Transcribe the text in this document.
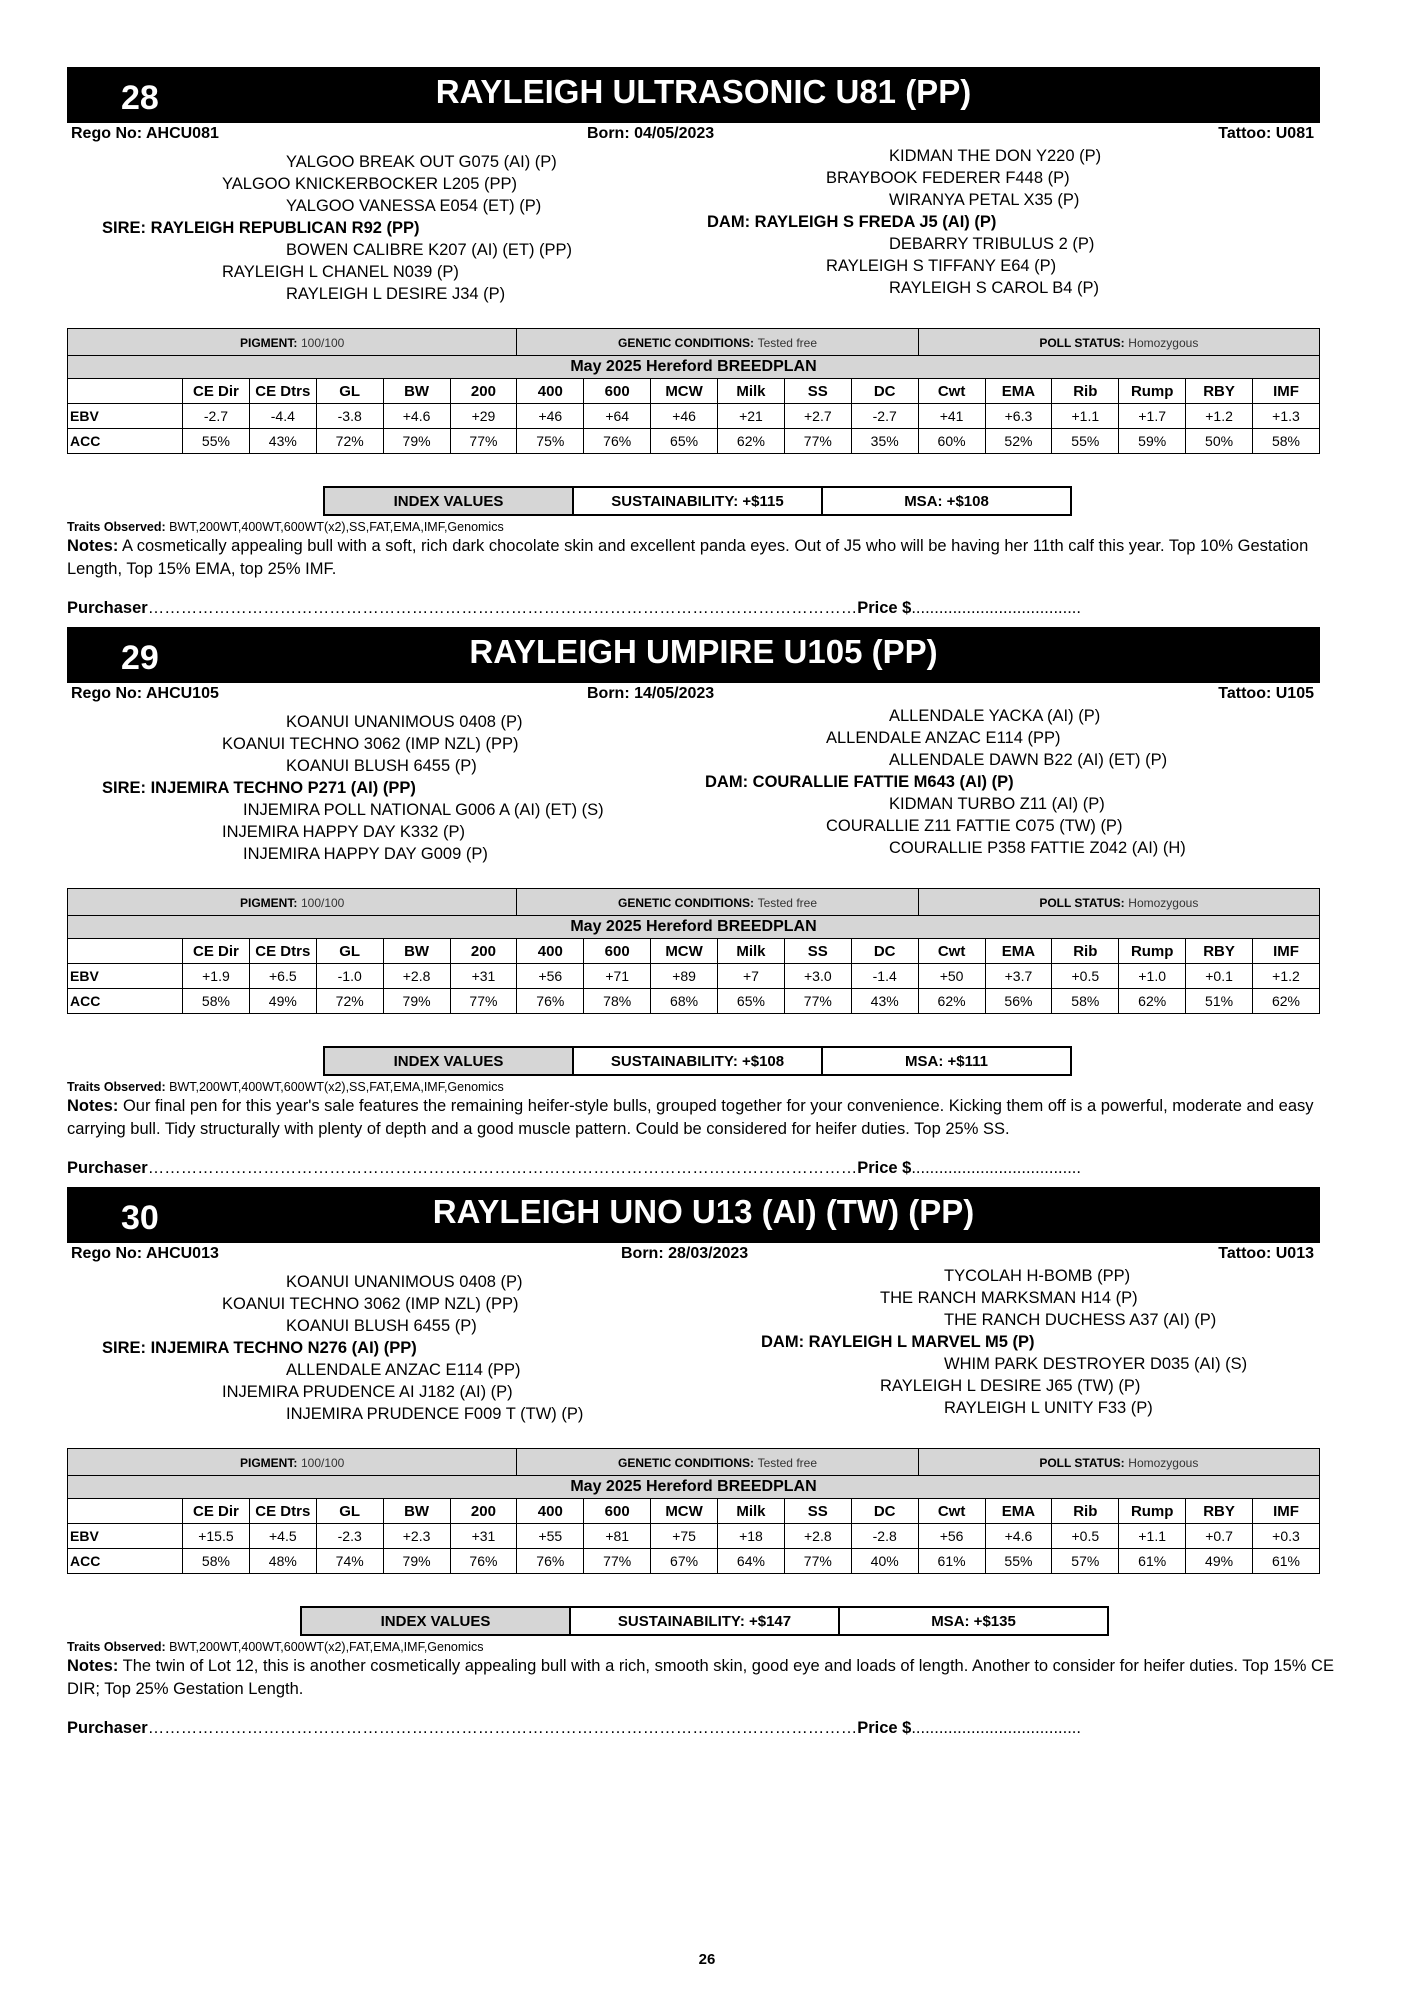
28	RAYLEIGH ULTRASONIC U81 (PP)
Rego No: AHCU081	Born: 04/05/2023	Tattoo: U081
YALGOO BREAK OUT G075 (AI) (P)
YALGOO KNICKERBOCKER L205 (PP)
YALGOO VANESSA E054 (ET) (P)
SIRE: RAYLEIGH REPUBLICAN R92 (PP)
BOWEN CALIBRE K207 (AI) (ET) (PP)
RAYLEIGH L CHANEL N039 (P)
RAYLEIGH L DESIRE J34 (P)
KIDMAN THE DON Y220 (P)
BRAYBOOK FEDERER F448 (P)
WIRANYA PETAL X35 (P)
DAM: RAYLEIGH S FREDA J5 (AI) (P)
DEBARRY TRIBULUS 2 (P)
RAYLEIGH S TIFFANY E64 (P)
RAYLEIGH S CAROL B4 (P)
PIGMENT: 100/100						GENETIC CONDITIONS: Tested free						POLL STATUS: Homozygous					
May 2025 Hereford BREEDPLAN																	
	CE Dir	CE Dtrs	GL	BW	200	400	600	MCW	Milk	SS	DC	Cwt	EMA	Rib	Rump	RBY	IMF
EBV	-2.7	-4.4	-3.8	+4.6	+29	+46	+64	+46	+21	+2.7	-2.7	+41	+6.3	+1.1	+1.7	+1.2	+1.3
ACC	55%	43%	72%	79%	77%	75%	76%	65%	62%	77%	35%	60%	52%	55%	59%	50%	58%
INDEX VALUES	SUSTAINABILITY: +$115	MSA: +$108
Traits Observed: BWT,200WT,400WT,600WT(x2),SS,FAT,EMA,IMF,Genomics
Notes: A cosmetically appealing bull with a soft, rich dark chocolate skin and excellent panda eyes. Out of J5 who will be having her 11th calf this year. Top 10% Gestation Length, Top 15% EMA, top 25% IMF.
Purchaser…………………………………………………………………………………………………………………Price $.....................................
29	RAYLEIGH UMPIRE U105 (PP)
Rego No: AHCU105	Born: 14/05/2023	Tattoo: U105
KOANUI UNANIMOUS 0408 (P)
KOANUI TECHNO 3062 (IMP NZL) (PP)
KOANUI BLUSH 6455 (P)
SIRE: INJEMIRA TECHNO P271 (AI) (PP)
INJEMIRA POLL NATIONAL G006 A (AI) (ET) (S)
INJEMIRA HAPPY DAY K332 (P)
INJEMIRA HAPPY DAY G009 (P)
ALLENDALE YACKA (AI) (P)
ALLENDALE ANZAC E114 (PP)
ALLENDALE DAWN B22 (AI) (ET) (P)
DAM: COURALLIE FATTIE M643 (AI) (P)
KIDMAN TURBO Z11 (AI) (P)
COURALLIE Z11 FATTIE C075 (TW) (P)
COURALLIE P358 FATTIE Z042 (AI) (H)
PIGMENT: 100/100						GENETIC CONDITIONS: Tested free						POLL STATUS: Homozygous					
May 2025 Hereford BREEDPLAN																	
	CE Dir	CE Dtrs	GL	BW	200	400	600	MCW	Milk	SS	DC	Cwt	EMA	Rib	Rump	RBY	IMF
EBV	+1.9	+6.5	-1.0	+2.8	+31	+56	+71	+89	+7	+3.0	-1.4	+50	+3.7	+0.5	+1.0	+0.1	+1.2
ACC	58%	49%	72%	79%	77%	76%	78%	68%	65%	77%	43%	62%	56%	58%	62%	51%	62%
INDEX VALUES	SUSTAINABILITY: +$108	MSA: +$111
Traits Observed: BWT,200WT,400WT,600WT(x2),SS,FAT,EMA,IMF,Genomics
Notes: Our final pen for this year's sale features the remaining heifer-style bulls, grouped together for your convenience. Kicking them off is a powerful, moderate and easy carrying bull. Tidy structurally with plenty of depth and a good muscle pattern. Could be considered for heifer duties. Top 25% SS.
Purchaser…………………………………………………………………………………………………………………Price $.....................................
30	RAYLEIGH UNO U13 (AI) (TW) (PP)
Rego No: AHCU013	Born: 28/03/2023	Tattoo: U013
KOANUI UNANIMOUS 0408 (P)
KOANUI TECHNO 3062 (IMP NZL) (PP)
KOANUI BLUSH 6455 (P)
SIRE: INJEMIRA TECHNO N276 (AI) (PP)
ALLENDALE ANZAC E114 (PP)
INJEMIRA PRUDENCE AI J182 (AI) (P)
INJEMIRA PRUDENCE F009 T (TW) (P)
TYCOLAH H-BOMB (PP)
THE RANCH MARKSMAN H14 (P)
THE RANCH DUCHESS A37 (AI) (P)
DAM: RAYLEIGH L MARVEL M5 (P)
WHIM PARK DESTROYER D035 (AI) (S)
RAYLEIGH L DESIRE J65 (TW) (P)
RAYLEIGH L UNITY F33 (P)
PIGMENT: 100/100						GENETIC CONDITIONS: Tested free						POLL STATUS: Homozygous					
May 2025 Hereford BREEDPLAN																	
	CE Dir	CE Dtrs	GL	BW	200	400	600	MCW	Milk	SS	DC	Cwt	EMA	Rib	Rump	RBY	IMF
EBV	+15.5	+4.5	-2.3	+2.3	+31	+55	+81	+75	+18	+2.8	-2.8	+56	+4.6	+0.5	+1.1	+0.7	+0.3
ACC	58%	48%	74%	79%	76%	76%	77%	67%	64%	77%	40%	61%	55%	57%	61%	49%	61%
INDEX VALUES	SUSTAINABILITY: +$147	MSA: +$135
Traits Observed: BWT,200WT,400WT,600WT(x2),FAT,EMA,IMF,Genomics
Notes: The twin of Lot 12, this is another cosmetically appealing bull with a rich, smooth skin, good eye and loads of length. Another to consider for heifer duties. Top 15% CE DIR; Top 25% Gestation Length.
Purchaser…………………………………………………………………………………………………………………Price $.....................................
26
